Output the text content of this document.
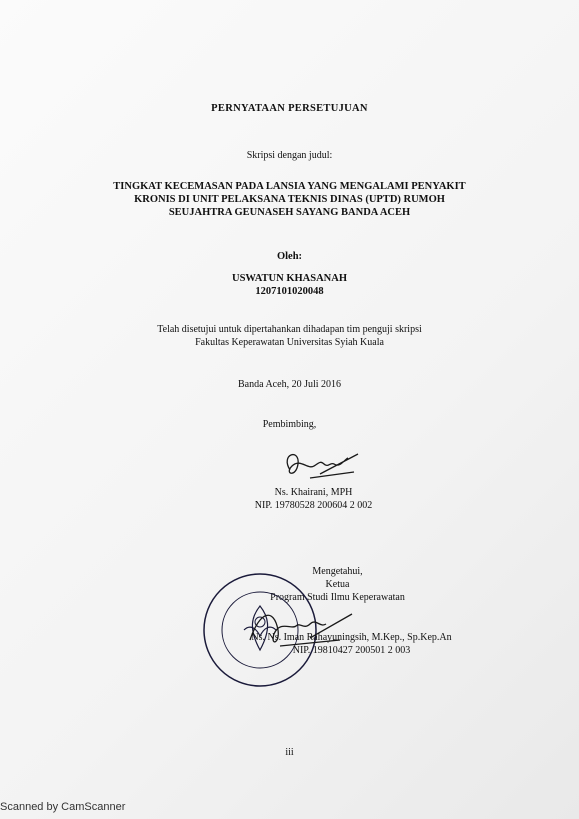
PERNYATAAN PERSETUJUAN
Skripsi dengan judul:
TINGKAT KECEMASAN PADA LANSIA YANG MENGALAMI PENYAKIT
KRONIS DI UNIT PELAKSANA TEKNIS DINAS (UPTD) RUMOH
SEUJAHTRA GEUNASEH SAYANG BANDA ACEH
Oleh:
USWATUN KHASANAH
1207101020048
Telah disetujui untuk dipertahankan dihadapan tim penguji skripsi
Fakultas Keperawatan Universitas Syiah Kuala
Banda Aceh, 20 Juli 2016
Pembimbing,
Ns. Khairani, MPH
NIP. 19780528 200604 2 002
Mengetahui,
Ketua
Program Studi Ilmu Keperawatan
Ns. Ns. Iman Rahayuningsih, M.Kep., Sp.Kep.An
NIP. 19810427 200501 2 003
iii
Scanned by CamScanner
